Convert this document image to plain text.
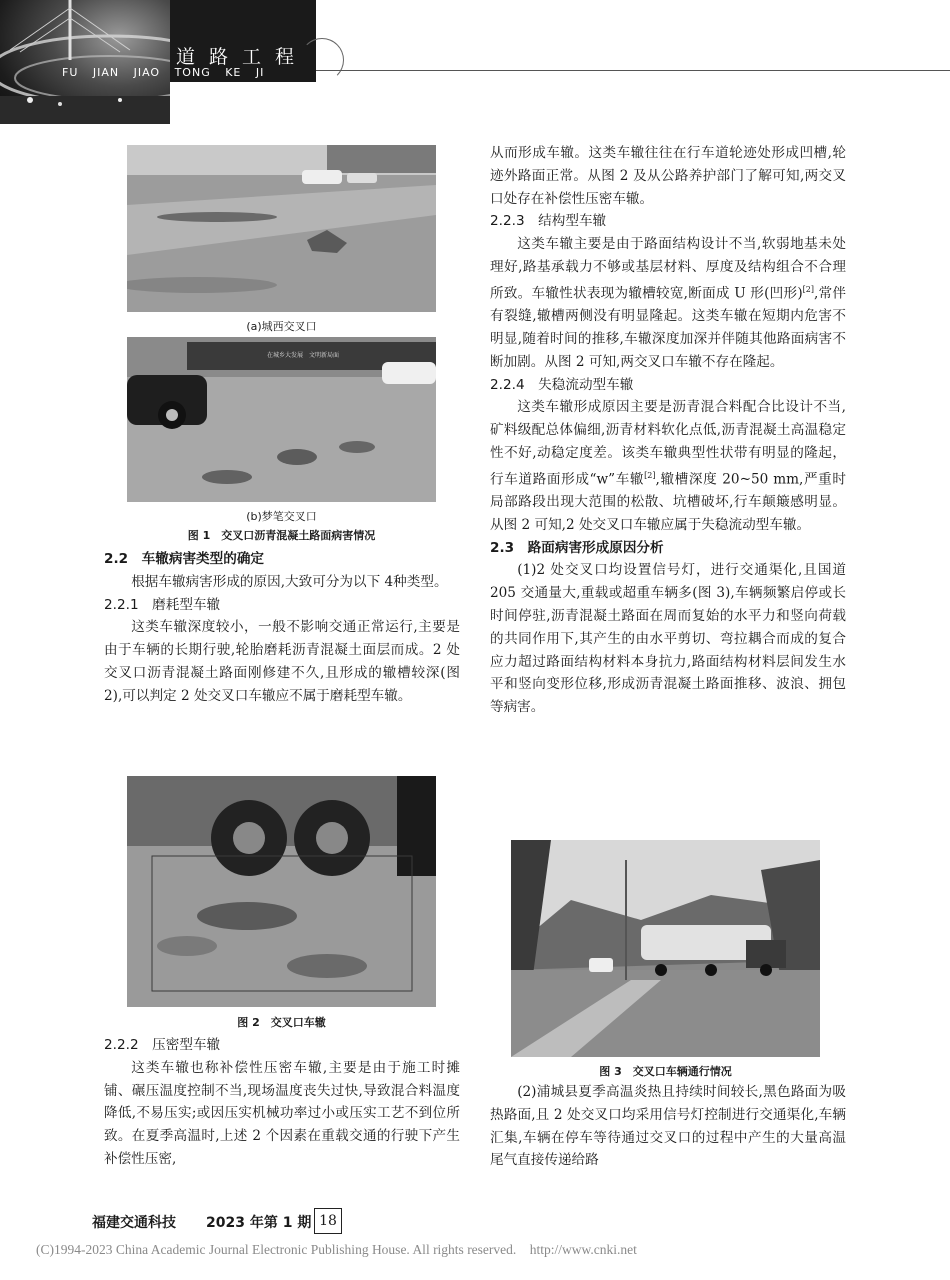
道路工程
FU JIAN JIAO TONG KE JI
(a)城西交叉口
在城乡大发展　文明新局面
(b)梦笔交叉口
图 1　交叉口沥青混凝土路面病害情况
2.2　车辙病害类型的确定

根据车辙病害形成的原因,大致可分为以下 4种类型。

2.2.1　磨耗型车辙

这类车辙深度较小，一般不影响交通正常运行,主要是由于车辆的长期行驶,轮胎磨耗沥青混凝土面层而成。2 处交叉口沥青混凝土路面刚修建不久,且形成的辙槽较深(图 2),可以判定 2 处交叉口车辙应不属于磨耗型车辙。

图 2　交叉口车辙
2.2.2　压密型车辙

这类车辙也称补偿性压密车辙,主要是由于施工时摊铺、碾压温度控制不当,现场温度丧失过快,导致混合料温度降低,不易压实;或因压实机械功率过小或压实工艺不到位所致。在夏季高温时,上述 2 个因素在重载交通的行驶下产生补偿性压密,

从而形成车辙。这类车辙往往在行车道轮迹处形成凹槽,轮迹外路面正常。从图 2 及从公路养护部门了解可知,两交叉口处存在补偿性压密车辙。

2.2.3　结构型车辙

这类车辙主要是由于路面结构设计不当,软弱地基未处理好,路基承载力不够或基层材料、厚度及结构组合不合理所致。车辙性状表现为辙槽较宽,断面成 U 形(凹形)[2],常伴有裂缝,辙槽两侧没有明显隆起。这类车辙在短期内危害不明显,随着时间的推移,车辙深度加深并伴随其他路面病害不断加剧。从图 2 可知,两交叉口车辙不存在隆起。

2.2.4　失稳流动型车辙

这类车辙形成原因主要是沥青混合料配合比设计不当,矿料级配总体偏细,沥青材料软化点低,沥青混凝土高温稳定性不好,动稳定度差。该类车辙典型性状带有明显的隆起，行车道路面形成“w”车辙[2],辙槽深度 20~50 mm,严重时局部路段出现大范围的松散、坑槽破坏,行车颠簸感明显。从图 2 可知,2 处交叉口车辙应属于失稳流动型车辙。

2.3　路面病害形成原因分析

(1)2 处交叉口均设置信号灯，进行交通渠化,且国道 205 交通量大,重载或超重车辆多(图 3),车辆频繁启停或长时间停驻,沥青混凝土路面在周而复始的水平力和竖向荷载的共同作用下,其产生的由水平剪切、弯拉耦合而成的复合应力超过路面结构材料本身抗力,路面结构材料层间发生水平和竖向变形位移,形成沥青混凝土路面推移、波浪、拥包等病害。

图 3　交叉口车辆通行情况

(2)浦城县夏季高温炎热且持续时间较长,黑色路面为吸热路面,且 2 处交叉口均采用信号灯控制进行交通渠化,车辆汇集,车辆在停车等待通过交叉口的过程中产生的大量高温尾气直接传递给路

福建交通科技 2023 年第 1 期 18
(C)1994-2023 China Academic Journal Electronic Publishing House. All rights reserved.　http://www.cnki.net
